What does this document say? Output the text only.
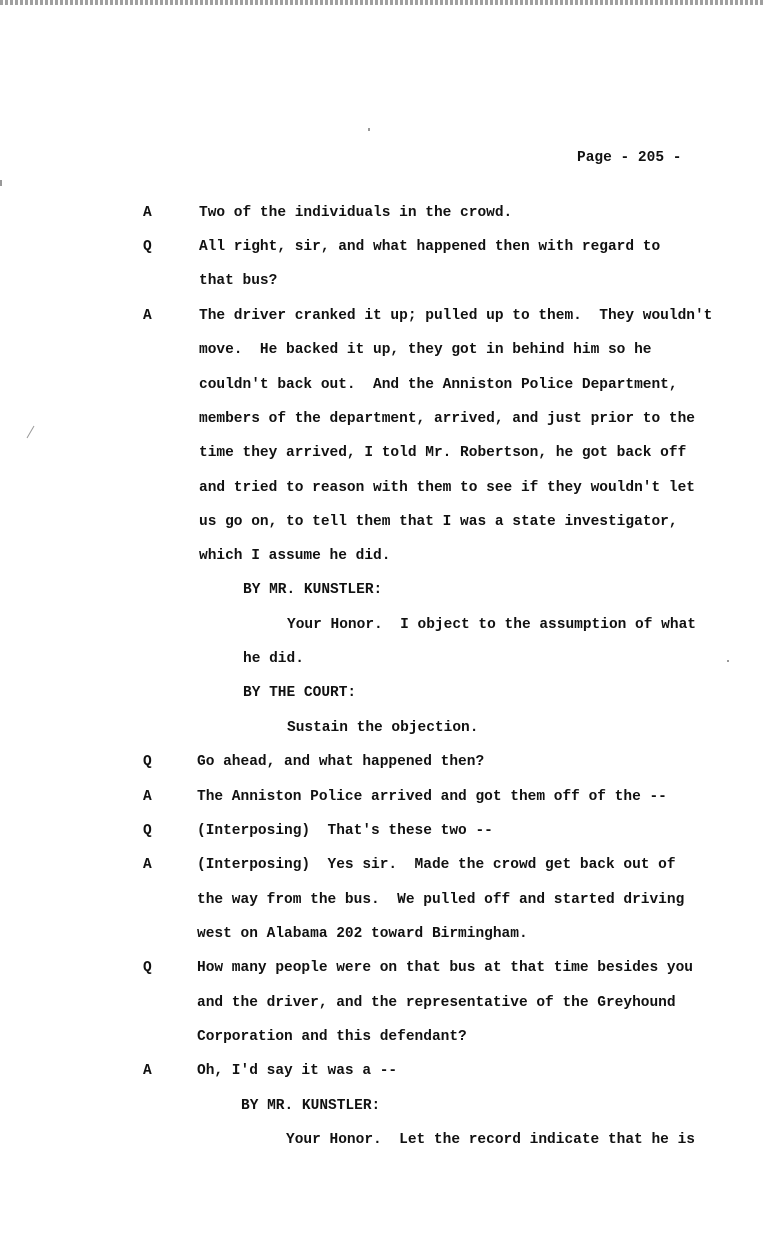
Page - 205 -
A	Two of the individuals in the crowd.
Q	All right, sir, and what happened then with regard to
that bus?
A	The driver cranked it up; pulled up to them.  They wouldn't
move.  He backed it up, they got in behind him so he
couldn't back out.  And the Anniston Police Department,
members of the department, arrived, and just prior to the
time they arrived, I told Mr. Robertson, he got back off
and tried to reason with them to see if they wouldn't let
us go on, to tell them that I was a state investigator,
which I assume he did.
BY MR. KUNSTLER:
Your Honor.  I object to the assumption of what
he did.
BY THE COURT:
Sustain the objection.
Q	Go ahead, and what happened then?
A	The Anniston Police arrived and got them off of the --
Q	(Interposing)  That's these two --
A	(Interposing)  Yes sir.  Made the crowd get back out of
the way from the bus.  We pulled off and started driving
west on Alabama 202 toward Birmingham.
Q	How many people were on that bus at that time besides you
and the driver, and the representative of the Greyhound
Corporation and this defendant?
A	Oh, I'd say it was a --
BY MR. KUNSTLER:
Your Honor.  Let the record indicate that he is
